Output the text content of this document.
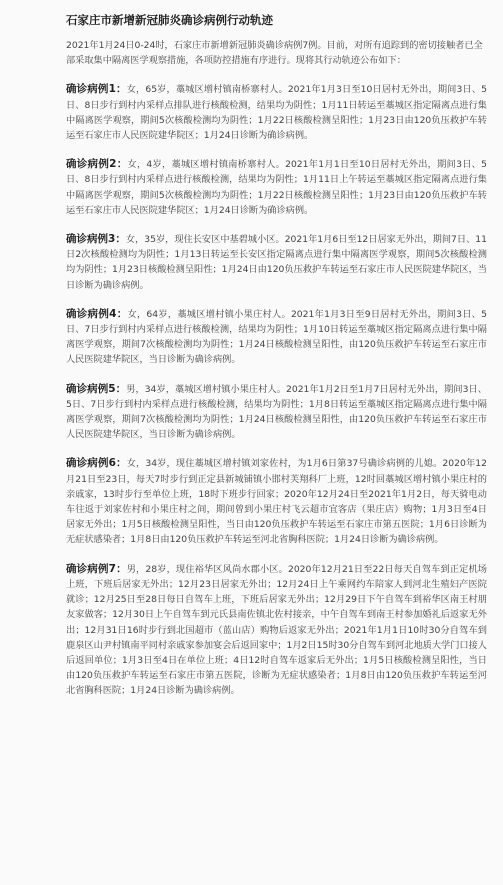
石家庄市新增新冠肺炎确诊病例行动轨迹

2021年1月24日0-24时，石家庄市新增新冠肺炎确诊病例7例。目前，对所有追踪到的密切接触者已全部采取集中隔离医学观察措施，各项防控措施有序进行。现将其行动轨迹公布如下：

确诊病例1：女，65岁，藁城区增村镇南桥寨村人。2021年1月3日至10日居村无外出，期间3日、5日、8日步行到村内采样点排队进行核酸检测，结果均为阴性；1月11日转运至藁城区指定隔离点进行集中隔离医学观察，期间5次核酸检测均为阴性；1月22日核酸检测呈阳性；1月23日由120负压救护车转运至石家庄市人民医院建华院区；1月24日诊断为确诊病例。

确诊病例2：女，4岁，藁城区增村镇南桥寨村人。2021年1月1日至10日居村无外出，期间3日、5日、8日步行到村内采样点进行核酸检测，结果均为阴性；1月11日上午转运至藁城区指定隔离点进行集中隔离医学观察，期间5次核酸检测均为阴性；1月22日核酸检测呈阳性；1月23日由120负压救护车转运至石家庄市人民医院建华院区；1月24日诊断为确诊病例。

确诊病例3：女，35岁，现住长安区中基碧城小区。2021年1月6日至12日居家无外出，期间7日、11日2次核酸检测均为阴性；1月13日转运至长安区指定隔离点进行集中隔离医学观察，期间5次核酸检测均为阴性；1月23日核酸检测呈阳性；1月24日由120负压救护车转运至石家庄市人民医院建华院区，当日诊断为确诊病例。

确诊病例4：女，64岁，藁城区增村镇小果庄村人。2021年1月3日至9日居村无外出，期间3日、5日、7日步行到村内采样点进行核酸检测，结果均为阴性；1月10日转运至藁城区指定隔离点进行集中隔离医学观察，期间7次核酸检测均为阴性；1月24日核酸检测呈阳性，由120负压救护车转运至石家庄市人民医院建华院区，当日诊断为确诊病例。

确诊病例5：男，34岁，藁城区增村镇小果庄村人。2021年1月2日至1月7日居村无外出，期间3日、5日、7日步行到村内采样点进行核酸检测，结果均为阴性；1月8日转运至藁城区指定隔离点进行集中隔离医学观察，期间7次核酸检测均为阴性；1月24日核酸检测呈阳性，由120负压救护车转运至石家庄市人民医院建华院区，当日诊断为确诊病例。

确诊病例6：女，34岁，现住藁城区增村镇刘家佐村，为1月6日第37号确诊病例的儿媳。2020年12月21日至23日，每天7时步行到正定县新城铺镇小邯村芙翔科厂上班，12时回藁城区增村镇小果庄村的亲戚家，13时步行至单位上班，18时下班步行回家；2020年12月24日至2021年1月2日，每天骑电动车往返于刘家佐村和小果庄村之间，期间曾到小果庄村飞云超市宜客店（果庄店）购物；1月3日至4日居家无外出；1月5日核酸检测呈阳性，当日由120负压救护车转运至石家庄市第五医院；1月6日诊断为无症状感染者；1月8日由120负压救护车转运至河北省胸科医院；1月24日诊断为确诊病例。

确诊病例7：男，28岁，现住裕华区风尚水郡小区。2020年12月21日至22日每天自驾车到正定机场上班，下班后居家无外出；12月23日居家无外出；12月24日上午乘网约车陪家人到河北生殖妇产医院就诊；12月25日至28日每日自驾车上班，下班后居家无外出；12月29日下午自驾车到裕华区南王村朋友家做客；12月30日上午自驾车到元氏县南佐镇北佐村接亲，中午自驾车到南王村参加婚礼后返家无外出；12月31日16时步行到北国超市（蓝山店）购物后返家无外出；2021年1月1日10时30分自驾车到鹿泉区山尹村镇南平同村亲戚家参加宴会后返回家中；1月2日15时30分自驾车到河北地质大学门口接人后返回单位；1月3日至4日在单位上班；4日12时自驾车返家后无外出；1月5日核酸检测呈阳性，当日由120负压救护车转运至石家庄市第五医院，诊断为无症状感染者；1月8日由120负压救护车转运至河北省胸科医院；1月24日诊断为确诊病例。
